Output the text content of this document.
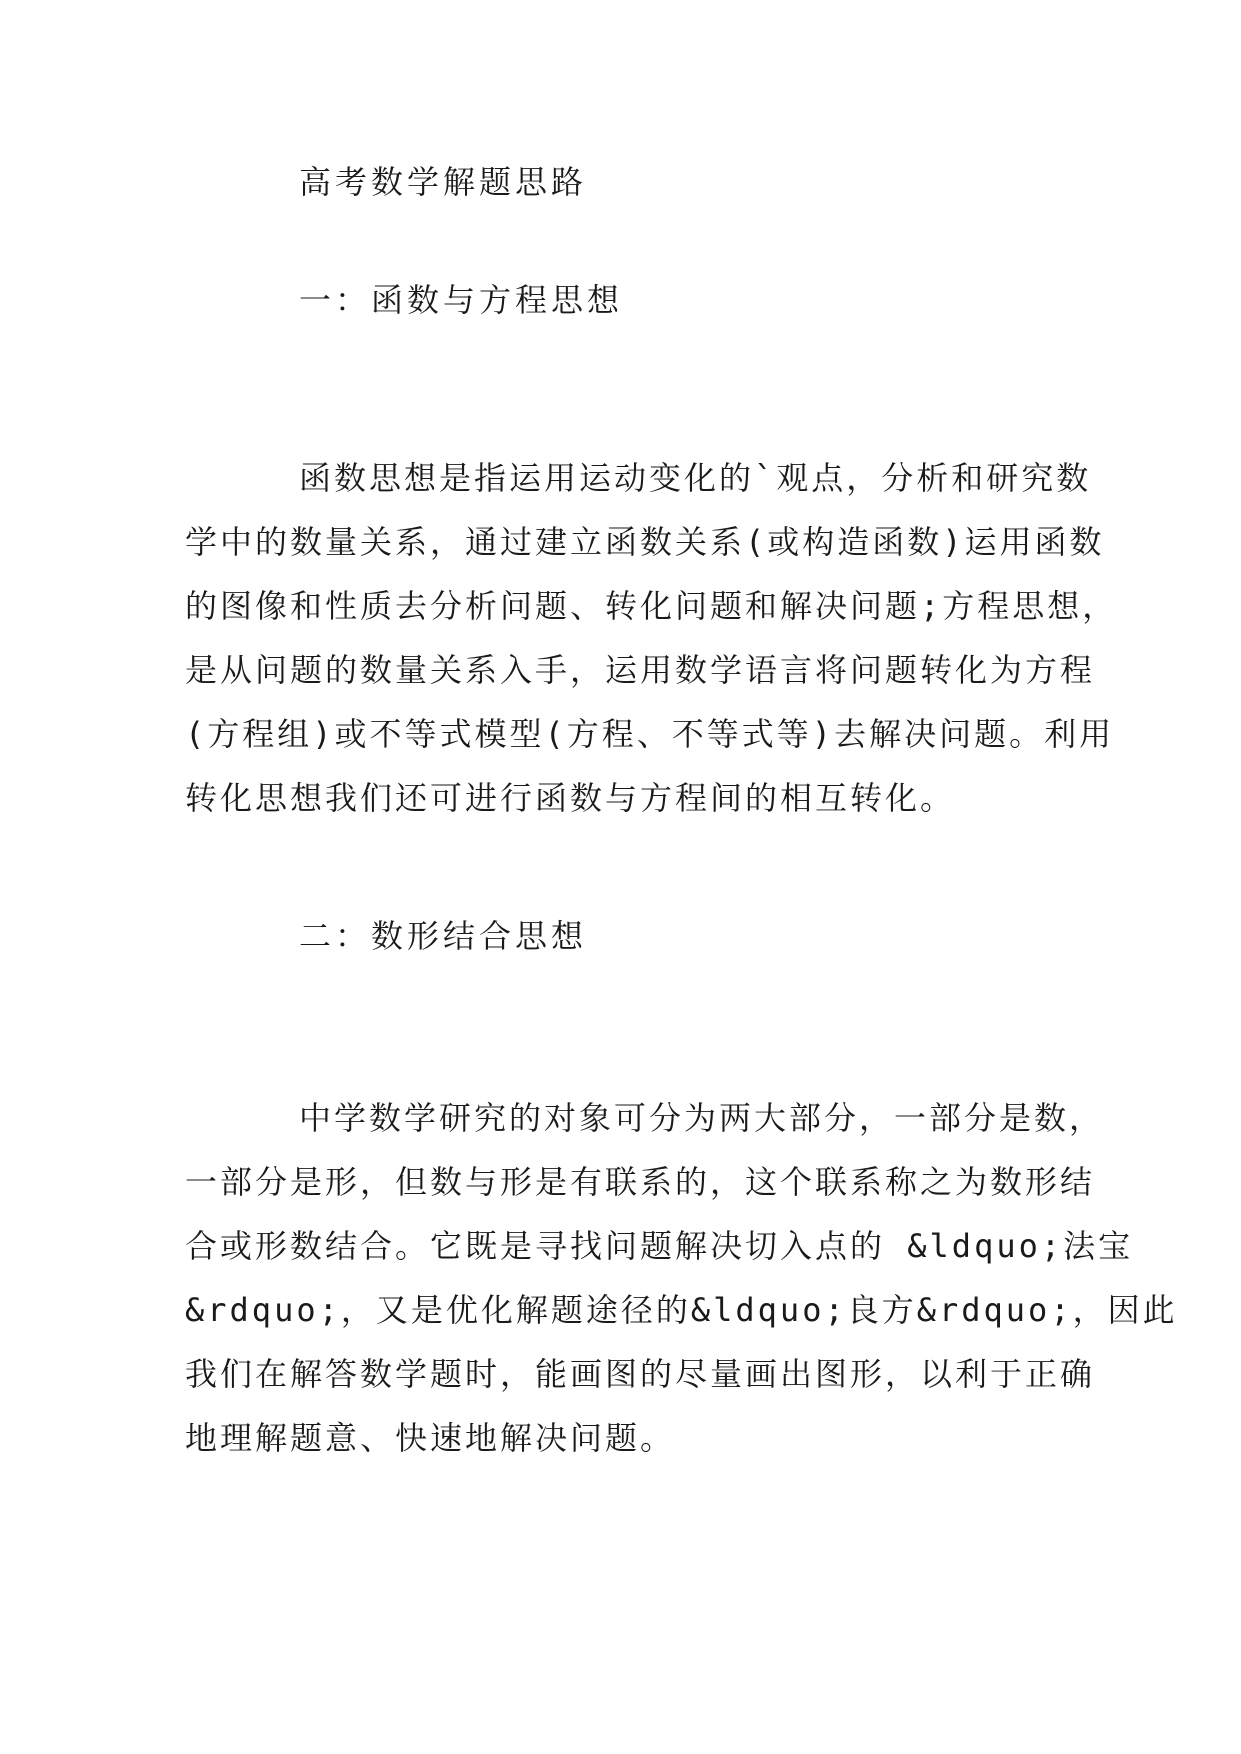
高考数学解题思路
一：函数与方程思想
函数思想是指运用运动变化的`观点，分析和研究数
学中的数量关系，通过建立函数关系(或构造函数)运用函数
的图像和性质去分析问题、转化问题和解决问题;方程思想，
是从问题的数量关系入手，运用数学语言将问题转化为方程
(方程组)或不等式模型(方程、不等式等)去解决问题。利用
转化思想我们还可进行函数与方程间的相互转化。
二：数形结合思想
中学数学研究的对象可分为两大部分，一部分是数，
一部分是形，但数与形是有联系的，这个联系称之为数形结
合或形数结合。它既是寻找问题解决切入点的 &ldquo;法宝
&rdquo;，又是优化解题途径的&ldquo;良方&rdquo;，因此
我们在解答数学题时，能画图的尽量画出图形，以利于正确
地理解题意、快速地解决问题。
